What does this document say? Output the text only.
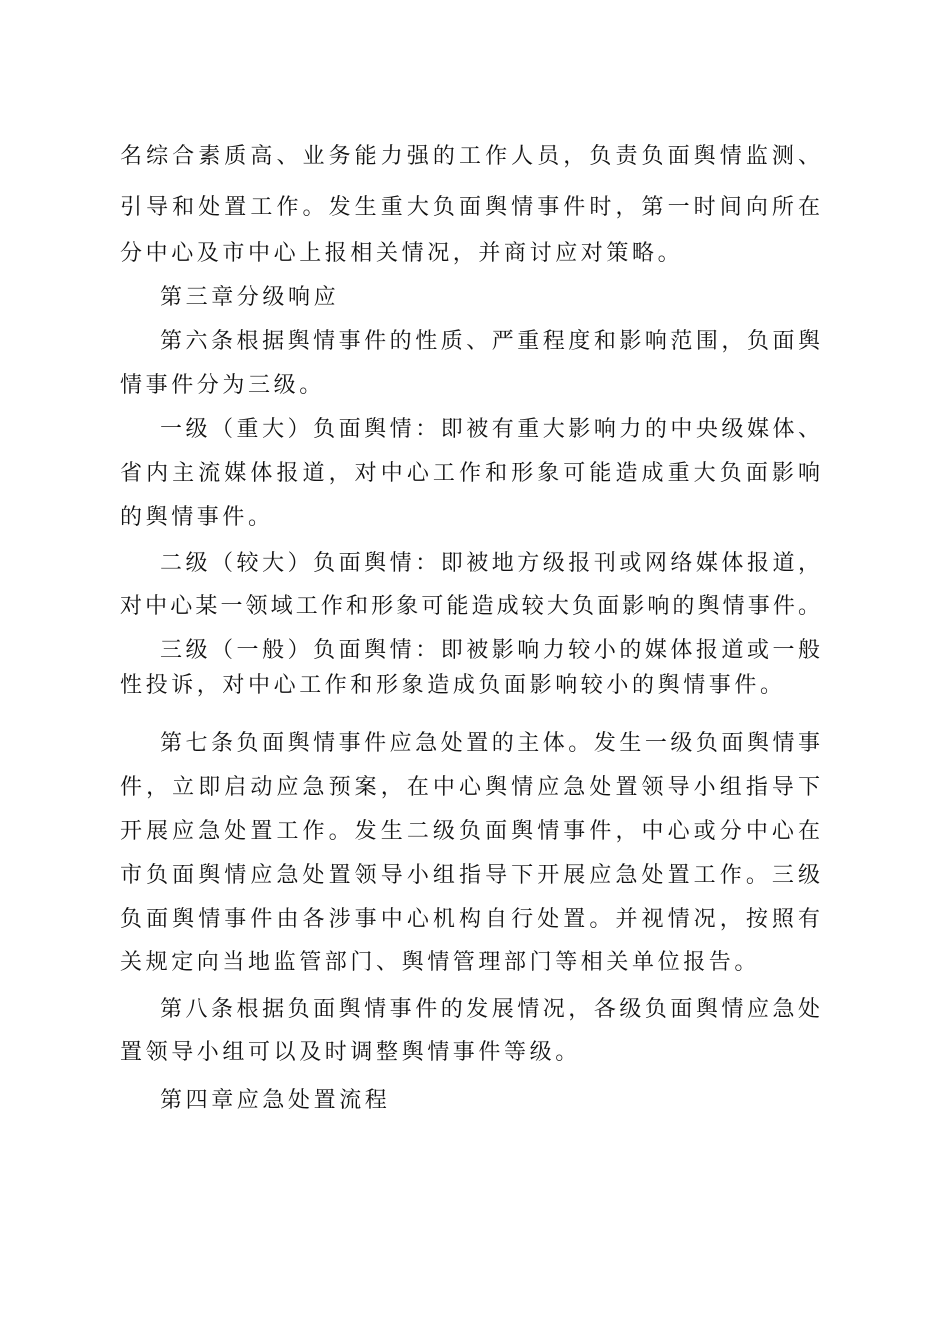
名综合素质高、业务能力强的工作人员，负责负面舆情监测、
引导和处置工作。发生重大负面舆情事件时，第一时间向所在
分中心及市中心上报相关情况，并商讨应对策略。
第三章分级响应
第六条根据舆情事件的性质、严重程度和影响范围，负面舆
情事件分为三级。
一级（重大）负面舆情：即被有重大影响力的中央级媒体、
省内主流媒体报道，对中心工作和形象可能造成重大负面影响
的舆情事件。
二级（较大）负面舆情：即被地方级报刊或网络媒体报道，
对中心某一领域工作和形象可能造成较大负面影响的舆情事件。
三级（一般）负面舆情：即被影响力较小的媒体报道或一般
性投诉，对中心工作和形象造成负面影响较小的舆情事件。
第七条负面舆情事件应急处置的主体。发生一级负面舆情事
件，立即启动应急预案，在中心舆情应急处置领导小组指导下
开展应急处置工作。发生二级负面舆情事件，中心或分中心在
市负面舆情应急处置领导小组指导下开展应急处置工作。三级
负面舆情事件由各涉事中心机构自行处置。并视情况，按照有
关规定向当地监管部门、舆情管理部门等相关单位报告。
第八条根据负面舆情事件的发展情况，各级负面舆情应急处
置领导小组可以及时调整舆情事件等级。
第四章应急处置流程
